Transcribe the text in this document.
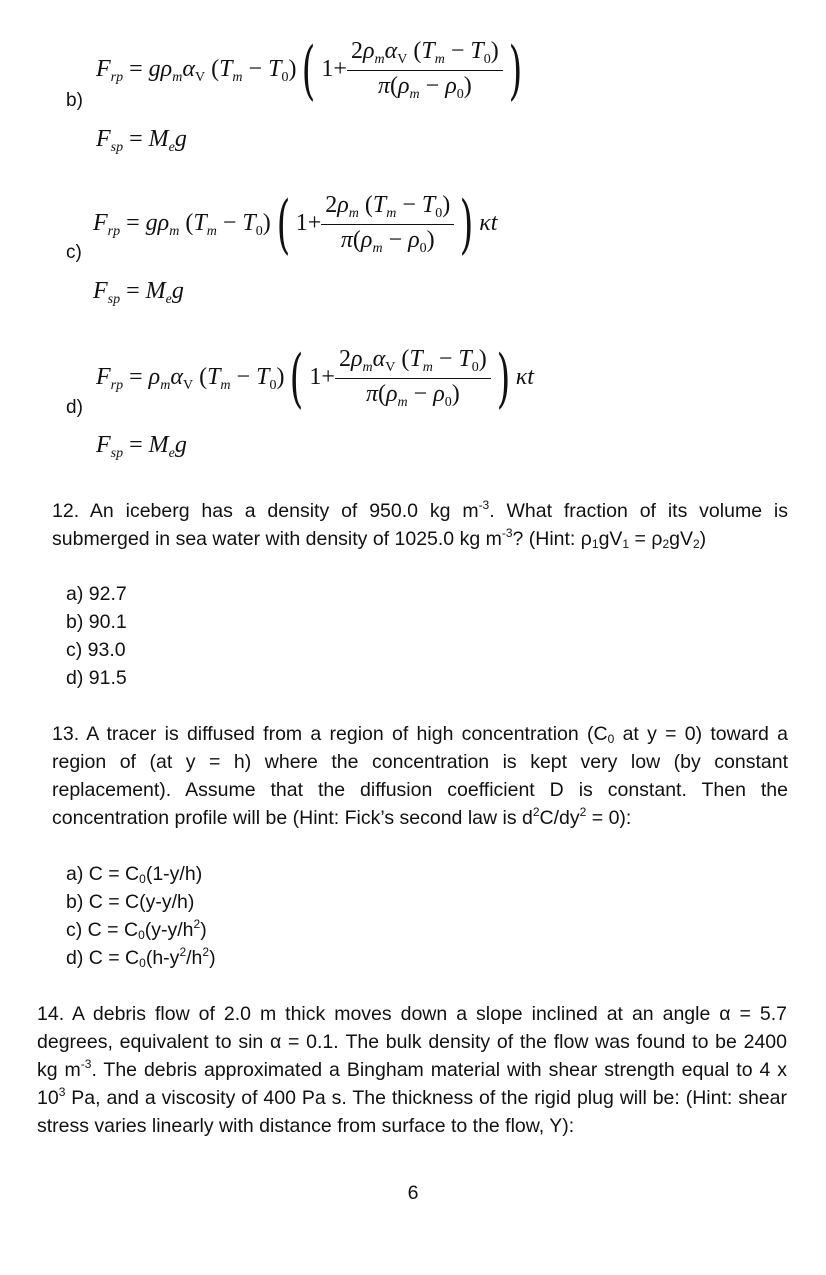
b)
$F_{rp} = g\rho_m\alpha_V$ $(T_m - T_0)$( $1+ \frac{2\rho_m\alpha_V (T_m - T_0)}{\pi(\rho_m - \rho_0)}$ )
$F_{sp} = M_eg$
c)
$F_{rp} = g\rho_m$ $(T_m - T_0)$( $1+ \frac{2\rho_m (T_m - T_0)}{\pi(\rho_m - \rho_0)}$ ) κt
$F_{sp} = M_eg$
d)
$F_{rp} = \rho_m\alpha_V$ $(T_m - T_0)$( $1+ \frac{2\rho_m\alpha_V (T_m - T_0)}{\pi(\rho_m - \rho_0)}$ ) κt
$F_{sp} = M_eg$
12. An iceberg has a density of 950.0 kg $m^{-3}$. What fraction of its volume is submerged in sea water with density of 1025.0 kg $m^{-3}$? (Hint: $\rho_1gV_1 = \rho_2gV_2$)
a) 92.7
b) 90.1
c) 93.0
d) 91.5
13. A tracer is diffused from a region of high concentration ($C_0$ at y = 0) toward a region of (at y = h) where the concentration is kept very low (by constant replacement). Assume that the diffusion coefficient D is constant. Then the concentration profile will be (Hint: Fick’s second law is $d^2C/dy^2 = 0$):
a) $C = C_0(1-y/h)$
b) C = C(y-y/h)
c) $C = C_0(y-y/h^2)$
d) $C = C_0(h-y^2/h^2)$
14. A debris flow of 2.0 m thick moves down a slope inclined at an angle α = 5.7 degrees, equivalent to sin α = 0.1. The bulk density of the flow was found to be 2400 kg $m^{-3}$. The debris approximated a Bingham material with shear strength equal to 4 x $10^3$ Pa, and a viscosity of 400 Pa s. The thickness of the rigid plug will be: (Hint: shear stress varies linearly with distance from surface to the flow, Y):
6
